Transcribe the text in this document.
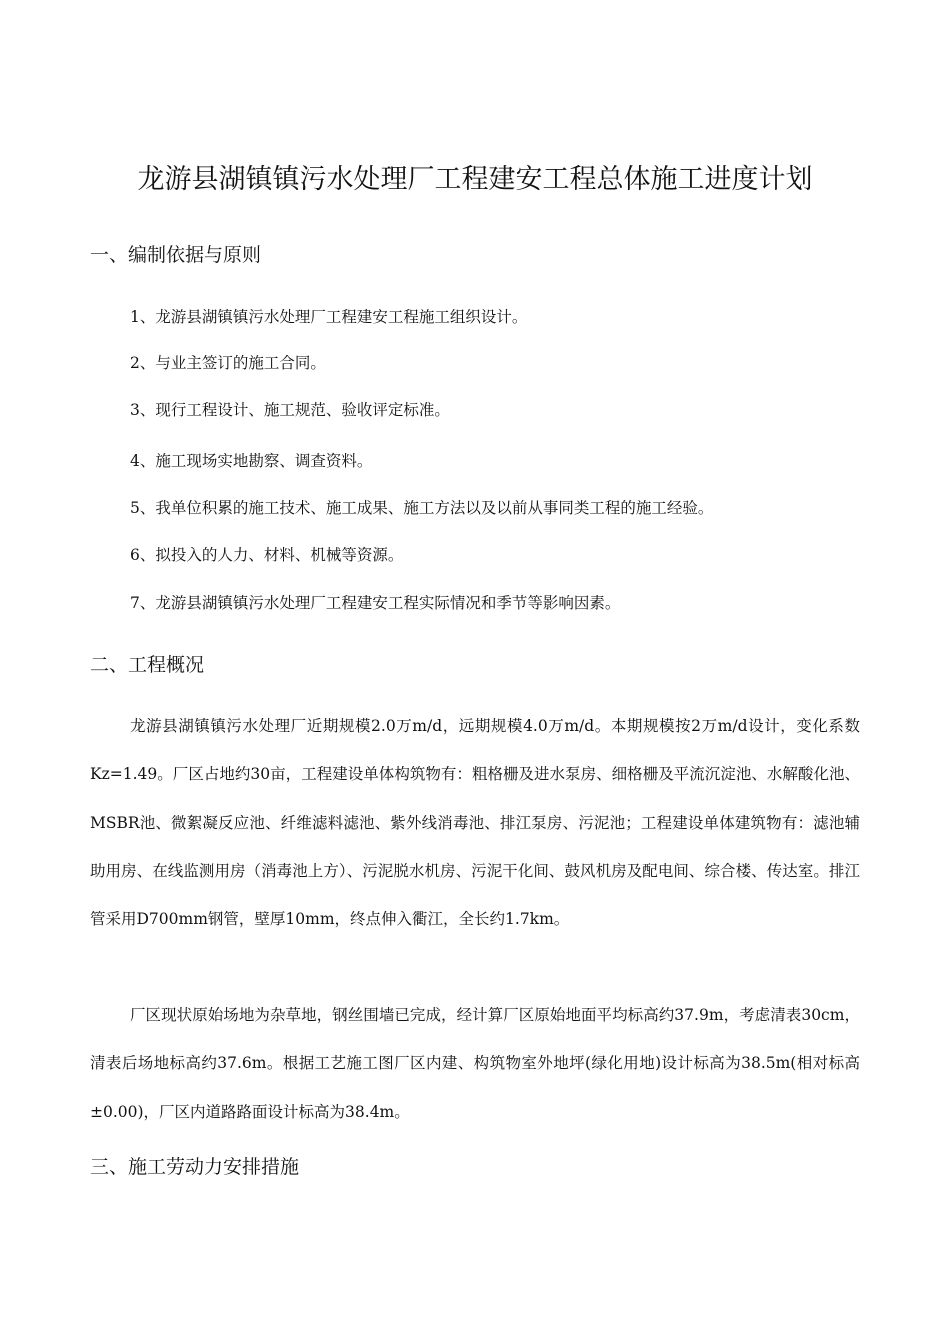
龙游县湖镇镇污水处理厂工程建安工程总体施工进度计划
一、编制依据与原则
1、龙游县湖镇镇污水处理厂工程建安工程施工组织设计。
2、与业主签订的施工合同。
3、现行工程设计、施工规范、验收评定标准。
4、施工现场实地勘察、调查资料。
5、我单位积累的施工技术、施工成果、施工方法以及以前从事同类工程的施工经验。
6、拟投入的人力、材料、机械等资源。
7、龙游县湖镇镇污水处理厂工程建安工程实际情况和季节等影响因素。
二、工程概况
龙游县湖镇镇污水处理厂近期规模2.0万m/d，远期规模4.0万m/d。本期规模按2万m/d设计，变化系数Kz=1.49。厂区占地约30亩，工程建设单体构筑物有：粗格栅及进水泵房、细格栅及平流沉淀池、水解酸化池、MSBR池、微絮凝反应池、纤维滤料滤池、紫外线消毒池、排江泵房、污泥池；工程建设单体建筑物有：滤池辅助用房、在线监测用房（消毒池上方）、污泥脱水机房、污泥干化间、鼓风机房及配电间、综合楼、传达室。排江管采用D700mm钢管，壁厚10mm，终点伸入衢江，全长约1.7km。
厂区现状原始场地为杂草地，钢丝围墙已完成，经计算厂区原始地面平均标高约37.9m，考虑清表30cm，清表后场地标高约37.6m。根据工艺施工图厂区内建、构筑物室外地坪(绿化用地)设计标高为38.5m(相对标高±0.00)，厂区内道路路面设计标高为38.4m。
三、施工劳动力安排措施
